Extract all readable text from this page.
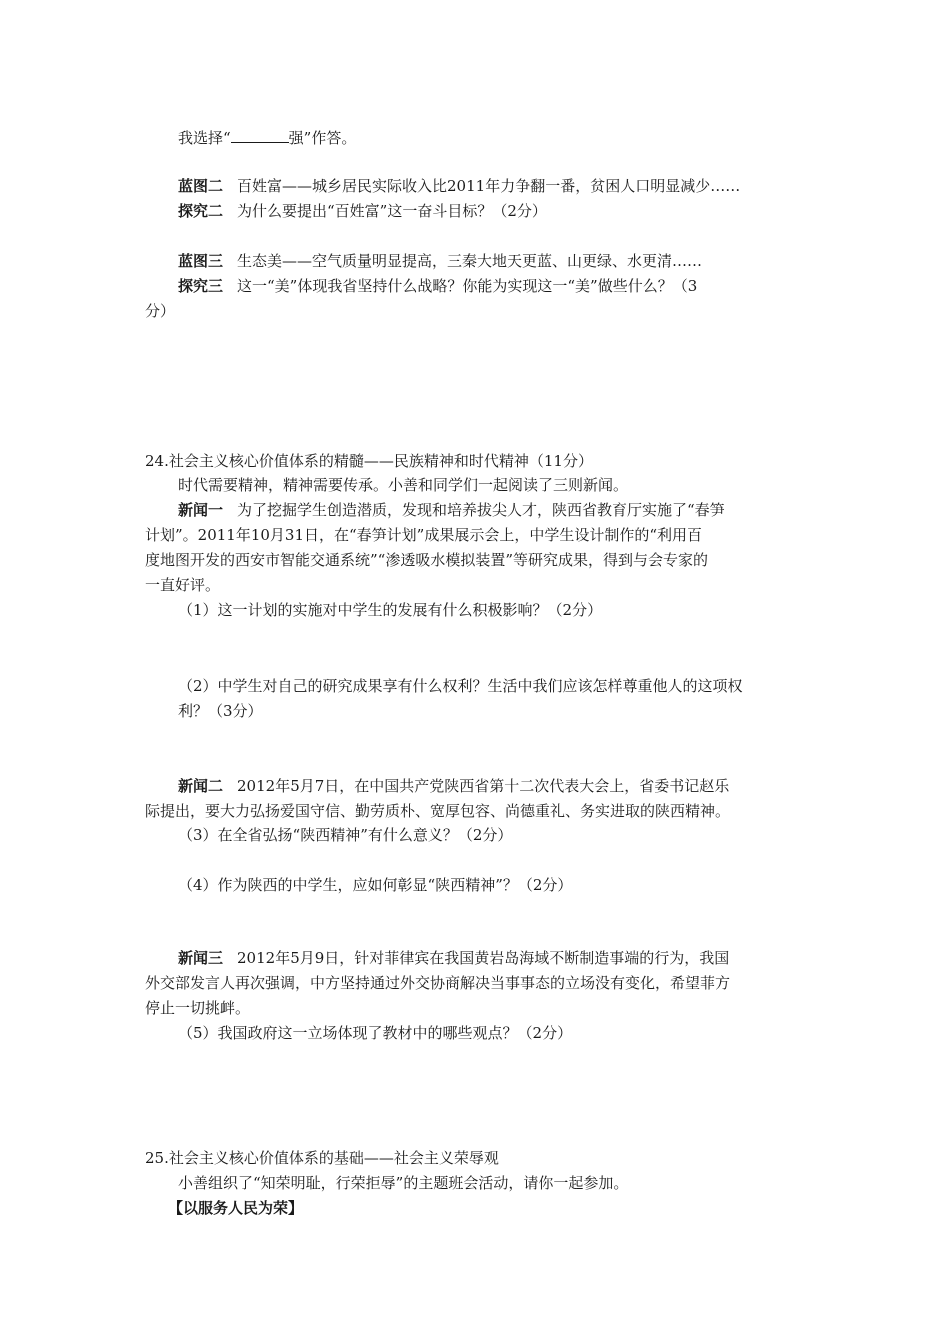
我选择“	强”作答。
蓝图二 百姓富——城乡居民实际收入比2011年力争翻一番，贫困人口明显减少……
探究二 为什么要提出“百姓富”这一奋斗目标？（2分）
蓝图三 生态美——空气质量明显提高，三秦大地天更蓝、山更绿、水更清……
探究三 这一“美”体现我省坚持什么战略？你能为实现这一“美”做些什么？（3
分）
24.社会主义核心价值体系的精髓——民族精神和时代精神（11分）
时代需要精神，精神需要传承。小善和同学们一起阅读了三则新闻。
新闻一 为了挖掘学生创造潜质，发现和培养拔尖人才，陕西省教育厅实施了“春笋
计划”。2011年10月31日，在“春笋计划”成果展示会上，中学生设计制作的“利用百
度地图开发的西安市智能交通系统”“渗透吸水模拟装置”等研究成果，得到与会专家的
一直好评。
（1）这一计划的实施对中学生的发展有什么积极影响？（2分）
（2）中学生对自己的研究成果享有什么权利？生活中我们应该怎样尊重他人的这项权
利？（3分）
新闻二 2012年5月7日，在中国共产党陕西省第十二次代表大会上，省委书记赵乐
际提出，要大力弘扬爱国守信、勤劳质朴、宽厚包容、尚德重礼、务实进取的陕西精神。
（3）在全省弘扬“陕西精神”有什么意义？（2分）
（4）作为陕西的中学生，应如何彰显“陕西精神”？（2分）
新闻三 2012年5月9日，针对菲律宾在我国黄岩岛海域不断制造事端的行为，我国
外交部发言人再次强调，中方坚持通过外交协商解决当事事态的立场没有变化，希望菲方
停止一切挑衅。
（5）我国政府这一立场体现了教材中的哪些观点？（2分）
25.社会主义核心价值体系的基础——社会主义荣辱观
小善组织了“知荣明耻，行荣拒辱”的主题班会活动，请你一起参加。
【以服务人民为荣】
